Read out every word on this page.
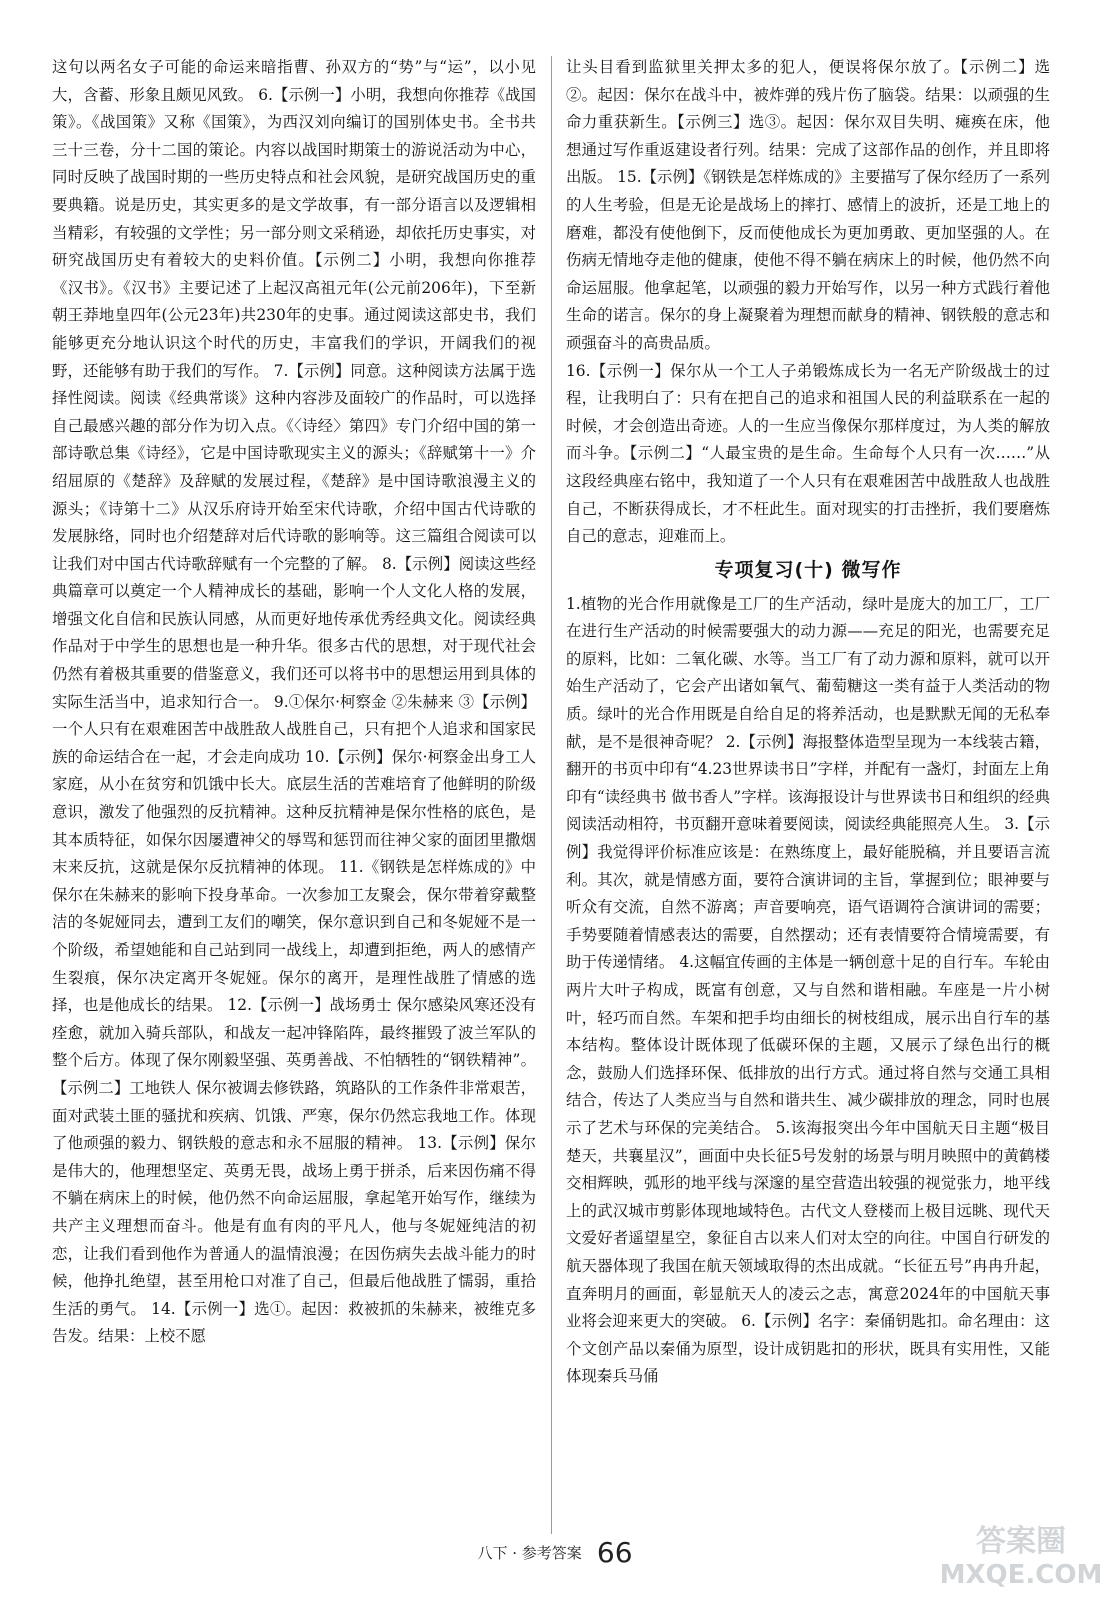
这句以两名女子可能的命运来暗指曹、孙双方的“势”与“运”，以小见大，含蓄、形象且颇见风致。 6.【示例一】小明，我想向你推荐《战国策》。《战国策》又称《国策》，为西汉刘向编订的国别体史书。全书共三十三卷，分十二国的策论。内容以战国时期策士的游说活动为中心，同时反映了战国时期的一些历史特点和社会风貌，是研究战国历史的重要典籍。说是历史，其实更多的是文学故事，有一部分语言以及逻辑相当精彩，有较强的文学性；另一部分则文采稍逊，却依托历史事实，对研究战国历史有着较大的史料价值。【示例二】小明，我想向你推荐《汉书》。《汉书》主要记述了上起汉高祖元年(公元前206年)，下至新朝王莽地皇四年(公元23年)共230年的史事。通过阅读这部史书，我们能够更充分地认识这个时代的历史，丰富我们的学识，开阔我们的视野，还能够有助于我们的写作。 7.【示例】同意。这种阅读方法属于选择性阅读。阅读《经典常谈》这种内容涉及面较广的作品时，可以选择自己最感兴趣的部分作为切入点。《〈诗经〉第四》专门介绍中国的第一部诗歌总集《诗经》，它是中国诗歌现实主义的源头；《辞赋第十一》介绍屈原的《楚辞》及辞赋的发展过程，《楚辞》是中国诗歌浪漫主义的源头；《诗第十二》从汉乐府诗开始至宋代诗歌，介绍中国古代诗歌的发展脉络，同时也介绍楚辞对后代诗歌的影响等。这三篇组合阅读可以让我们对中国古代诗歌辞赋有一个完整的了解。 8.【示例】阅读这些经典篇章可以奠定一个人精神成长的基础，影响一个人文化人格的发展，增强文化自信和民族认同感，从而更好地传承优秀经典文化。阅读经典作品对于中学生的思想也是一种升华。很多古代的思想，对于现代社会仍然有着极其重要的借鉴意义，我们还可以将书中的思想运用到具体的实际生活当中，追求知行合一。 9.①保尔·柯察金 ②朱赫来 ③【示例】一个人只有在艰难困苦中战胜敌人战胜自己，只有把个人追求和国家民族的命运结合在一起，才会走向成功 10.【示例】保尔·柯察金出身工人家庭，从小在贫穷和饥饿中长大。底层生活的苦难培育了他鲜明的阶级意识，激发了他强烈的反抗精神。这种反抗精神是保尔性格的底色，是其本质特征，如保尔因屡遭神父的辱骂和惩罚而往神父家的面团里撒烟末来反抗，这就是保尔反抗精神的体现。 11.《钢铁是怎样炼成的》中保尔在朱赫来的影响下投身革命。一次参加工友聚会，保尔带着穿戴整洁的冬妮娅同去，遭到工友们的嘲笑，保尔意识到自己和冬妮娅不是一个阶级，希望她能和自己站到同一战线上，却遭到拒绝，两人的感情产生裂痕，保尔决定离开冬妮娅。保尔的离开，是理性战胜了情感的选择，也是他成长的结果。 12.【示例一】战场勇士 保尔感染风寒还没有痊愈，就加入骑兵部队，和战友一起冲锋陷阵，最终摧毁了波兰军队的整个后方。体现了保尔刚毅坚强、英勇善战、不怕牺牲的“钢铁精神”。【示例二】工地铁人 保尔被调去修铁路，筑路队的工作条件非常艰苦，面对武装土匪的骚扰和疾病、饥饿、严寒，保尔仍然忘我地工作。体现了他顽强的毅力、钢铁般的意志和永不屈服的精神。 13.【示例】保尔是伟大的，他理想坚定、英勇无畏，战场上勇于拼杀，后来因伤痛不得不躺在病床上的时候，他仍然不向命运屈服，拿起笔开始写作，继续为共产主义理想而奋斗。他是有血有肉的平凡人，他与冬妮娅纯洁的初恋，让我们看到他作为普通人的温情浪漫；在因伤病失去战斗能力的时候，他挣扎绝望，甚至用枪口对准了自己，但最后他战胜了懦弱，重拾生活的勇气。 14.【示例一】选①。起因：救被抓的朱赫来，被维克多告发。结果：上校不愿

让头目看到监狱里关押太多的犯人，便误将保尔放了。【示例二】选②。起因：保尔在战斗中，被炸弹的残片伤了脑袋。结果：以顽强的生命力重获新生。【示例三】选③。起因：保尔双目失明、瘫痪在床，他想通过写作重返建设者行列。结果：完成了这部作品的创作，并且即将出版。 15.【示例】《钢铁是怎样炼成的》主要描写了保尔经历了一系列的人生考验，但是无论是战场上的摔打、感情上的波折，还是工地上的磨难，都没有使他倒下，反而使他成长为更加勇敢、更加坚强的人。在伤病无情地夺走他的健康，使他不得不躺在病床上的时候，他仍然不向命运屈服。他拿起笔，以顽强的毅力开始写作，以另一种方式践行着他生命的诺言。保尔的身上凝聚着为理想而献身的精神、钢铁般的意志和顽强奋斗的高贵品质。

16.【示例一】保尔从一个工人子弟锻炼成长为一名无产阶级战士的过程，让我明白了：只有在把自己的追求和祖国人民的利益联系在一起的时候，才会创造出奇迹。人的一生应当像保尔那样度过，为人类的解放而斗争。【示例二】“人最宝贵的是生命。生命每个人只有一次……”从这段经典座右铭中，我知道了一个人只有在艰难困苦中战胜敌人也战胜自己，不断获得成长，才不枉此生。面对现实的打击挫折，我们要磨炼自己的意志，迎难而上。

专项复习(十) 微写作

1.植物的光合作用就像是工厂的生产活动，绿叶是庞大的加工厂，工厂在进行生产活动的时候需要强大的动力源——充足的阳光，也需要充足的原料，比如：二氧化碳、水等。当工厂有了动力源和原料，就可以开始生产活动了，它会产出诸如氧气、葡萄糖这一类有益于人类活动的物质。绿叶的光合作用既是自给自足的将养活动，也是默默无闻的无私奉献，是不是很神奇呢？ 2.【示例】海报整体造型呈现为一本线装古籍，翻开的书页中印有“4.23世界读书日”字样，并配有一盏灯，封面左上角印有“读经典书 做书香人”字样。该海报设计与世界读书日和组织的经典阅读活动相符，书页翻开意味着要阅读，阅读经典能照亮人生。 3.【示例】我觉得评价标准应该是：在熟练度上，最好能脱稿，并且要语言流利。其次，就是情感方面，要符合演讲词的主旨，掌握到位；眼神要与听众有交流，自然不游离；声音要响亮，语气语调符合演讲词的需要；手势要随着情感表达的需要，自然摆动；还有表情要符合情境需要，有助于传递情绪。 4.这幅宜传画的主体是一辆创意十足的自行车。车轮由两片大叶子构成，既富有创意，又与自然和谐相融。车座是一片小树叶，轻巧而自然。车架和把手均由细长的树枝组成，展示出自行车的基本结构。整体设计既体现了低碳环保的主题，又展示了绿色出行的概念，鼓励人们选择环保、低排放的出行方式。通过将自然与交通工具相结合，传达了人类应当与自然和谐共生、减少碳排放的理念，同时也展示了艺术与环保的完美结合。 5.该海报突出今年中国航天日主题“极目楚天，共襄星汉”，画面中央长征5号发射的场景与明月映照中的黄鹤楼交相辉映，弧形的地平线与深邃的星空营造出较强的视觉张力，地平线上的武汉城市剪影体现地域特色。古代文人登楼而上极目远眺、现代天文爱好者遥望星空，象征自古以来人们对太空的向往。中国自行研发的航天器体现了我国在航天领域取得的杰出成就。“长征五号”冉冉升起，直奔明月的画面，彰显航天人的凌云之志，寓意2024年的中国航天事业将会迎来更大的突破。 6.【示例】名字：秦俑钥匙扣。命名理由：这个文创产品以秦俑为原型，设计成钥匙扣的形状，既具有实用性，又能体现秦兵马俑

八下 · 参考答案 66	答案圈
MXQE.COM
